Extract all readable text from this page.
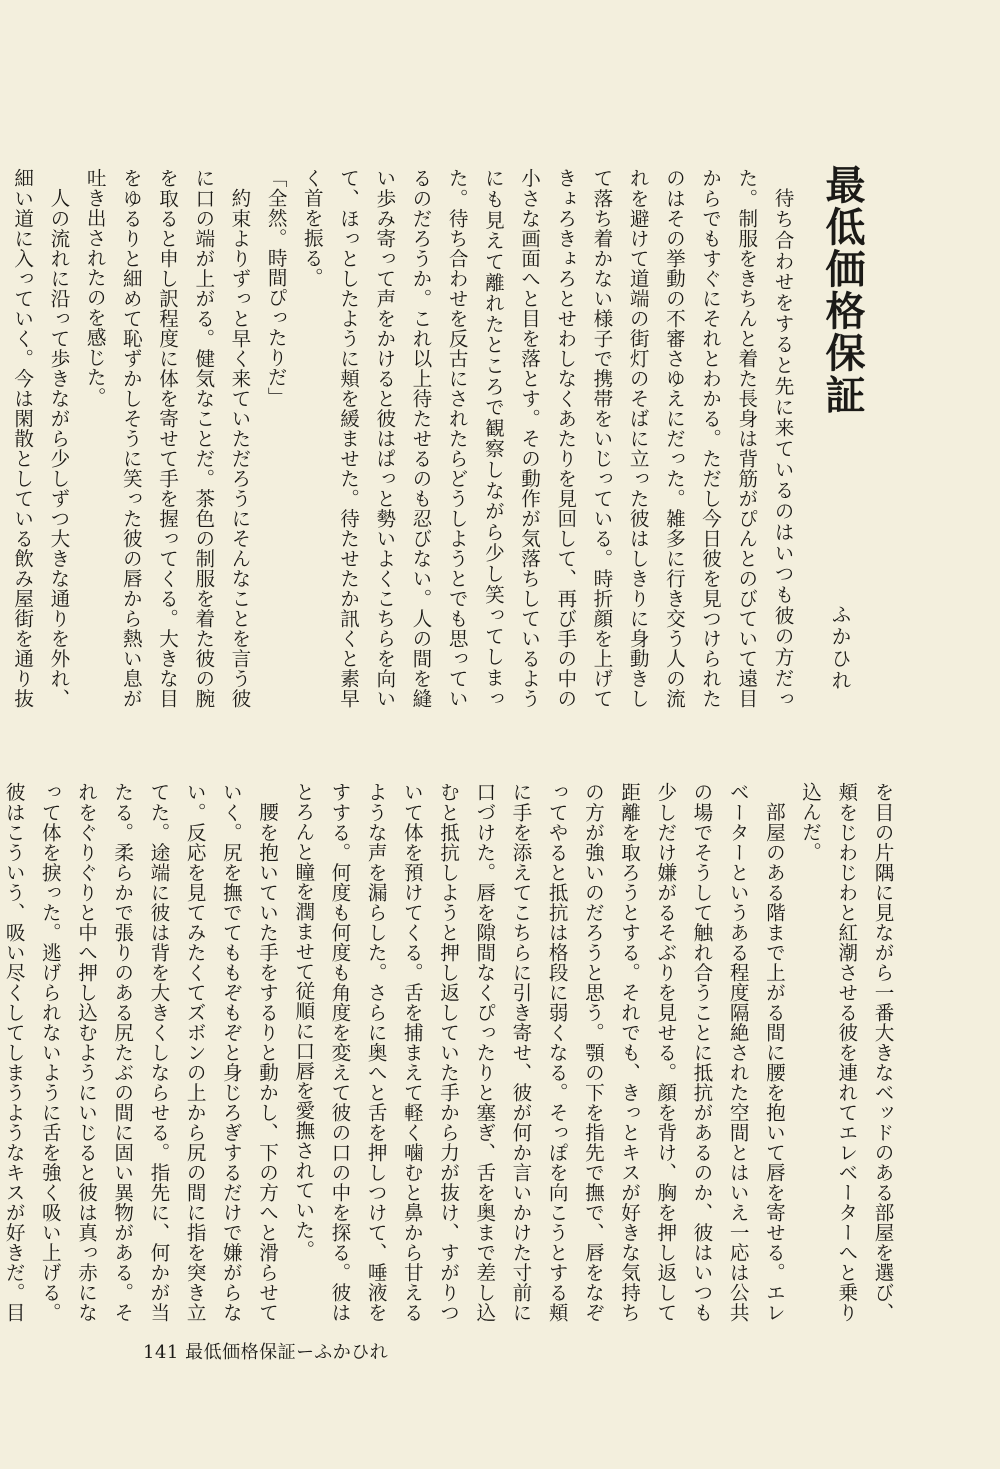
最低価格保証
ふかひれ

待ち合わせをすると先に来ているのはいつも彼の方だった。制服をきちんと着た長身は背筋がぴんとのびていて遠目からでもすぐにそれとわかる。ただし今日彼を見つけられたのはその挙動の不審さゆえにだった。雑多に行き交う人の流れを避けて道端の街灯のそばに立った彼はしきりに身動きして落ち着かない様子で携帯をいじっている。時折顔を上げてきょろきょろとせわしなくあたりを見回して、再び手の中の小さな画面へと目を落とす。その動作が気落ちしているようにも見えて離れたところで観察しながら少し笑ってしまった。待ち合わせを反古にされたらどうしようとでも思っているのだろうか。これ以上待たせるのも忍びない。人の間を縫い歩み寄って声をかけると彼はぱっと勢いよくこちらを向いて、ほっとしたように頬を緩ませた。待たせたか訊くと素早く首を振る。

「全然。時間ぴったりだ」

約束よりずっと早く来ていただろうにそんなことを言う彼に口の端が上がる。健気なことだ。茶色の制服を着た彼の腕を取ると申し訳程度に体を寄せて手を握ってくる。大きな目をゆるりと細めて恥ずかしそうに笑った彼の唇から熱い息が吐き出されたのを感じた。

人の流れに沿って歩きながら少しずつ大きな通りを外れ、細い道に入っていく。今は閑散としている飲み屋街を通り抜

を目の片隅に見ながら一番大きなベッドのある部屋を選び、頬をじわじわと紅潮させる彼を連れてエレベーターへと乗り込んだ。

部屋のある階まで上がる間に腰を抱いて唇を寄せる。エレベーターというある程度隔絶された空間とはいえ一応は公共の場でそうして触れ合うことに抵抗があるのか、彼はいつも少しだけ嫌がるそぶりを見せる。顔を背け、胸を押し返して距離を取ろうとする。それでも、きっとキスが好きな気持ちの方が強いのだろうと思う。顎の下を指先で撫で、唇をなぞってやると抵抗は格段に弱くなる。そっぽを向こうとする頬に手を添えてこちらに引き寄せ、彼が何か言いかけた寸前に口づけた。唇を隙間なくぴったりと塞ぎ、舌を奥まで差し込むと抵抗しようと押し返していた手から力が抜け、すがりついて体を預けてくる。舌を捕まえて軽く噛むと鼻から甘えるような声を漏らした。さらに奥へと舌を押しつけて、唾液をすする。何度も何度も角度を変えて彼の口の中を探る。彼はとろんと瞳を潤ませて従順に口唇を愛撫されていた。

腰を抱いていた手をするりと動かし、下の方へと滑らせていく。尻を撫でてももぞもぞと身じろぎするだけで嫌がらない。反応を見てみたくてズボンの上から尻の間に指を突き立てた。途端に彼は背を大きくしならせる。指先に、何かが当たる。柔らかで張りのある尻たぶの間に固い異物がある。それをぐりぐりと中へ押し込むようにいじると彼は真っ赤になって体を捩った。逃げられないように舌を強く吸い上げる。彼はこういう、吸い尽くしてしまうようなキスが好きだ。目

141 最低価格保証ーふかひれ
